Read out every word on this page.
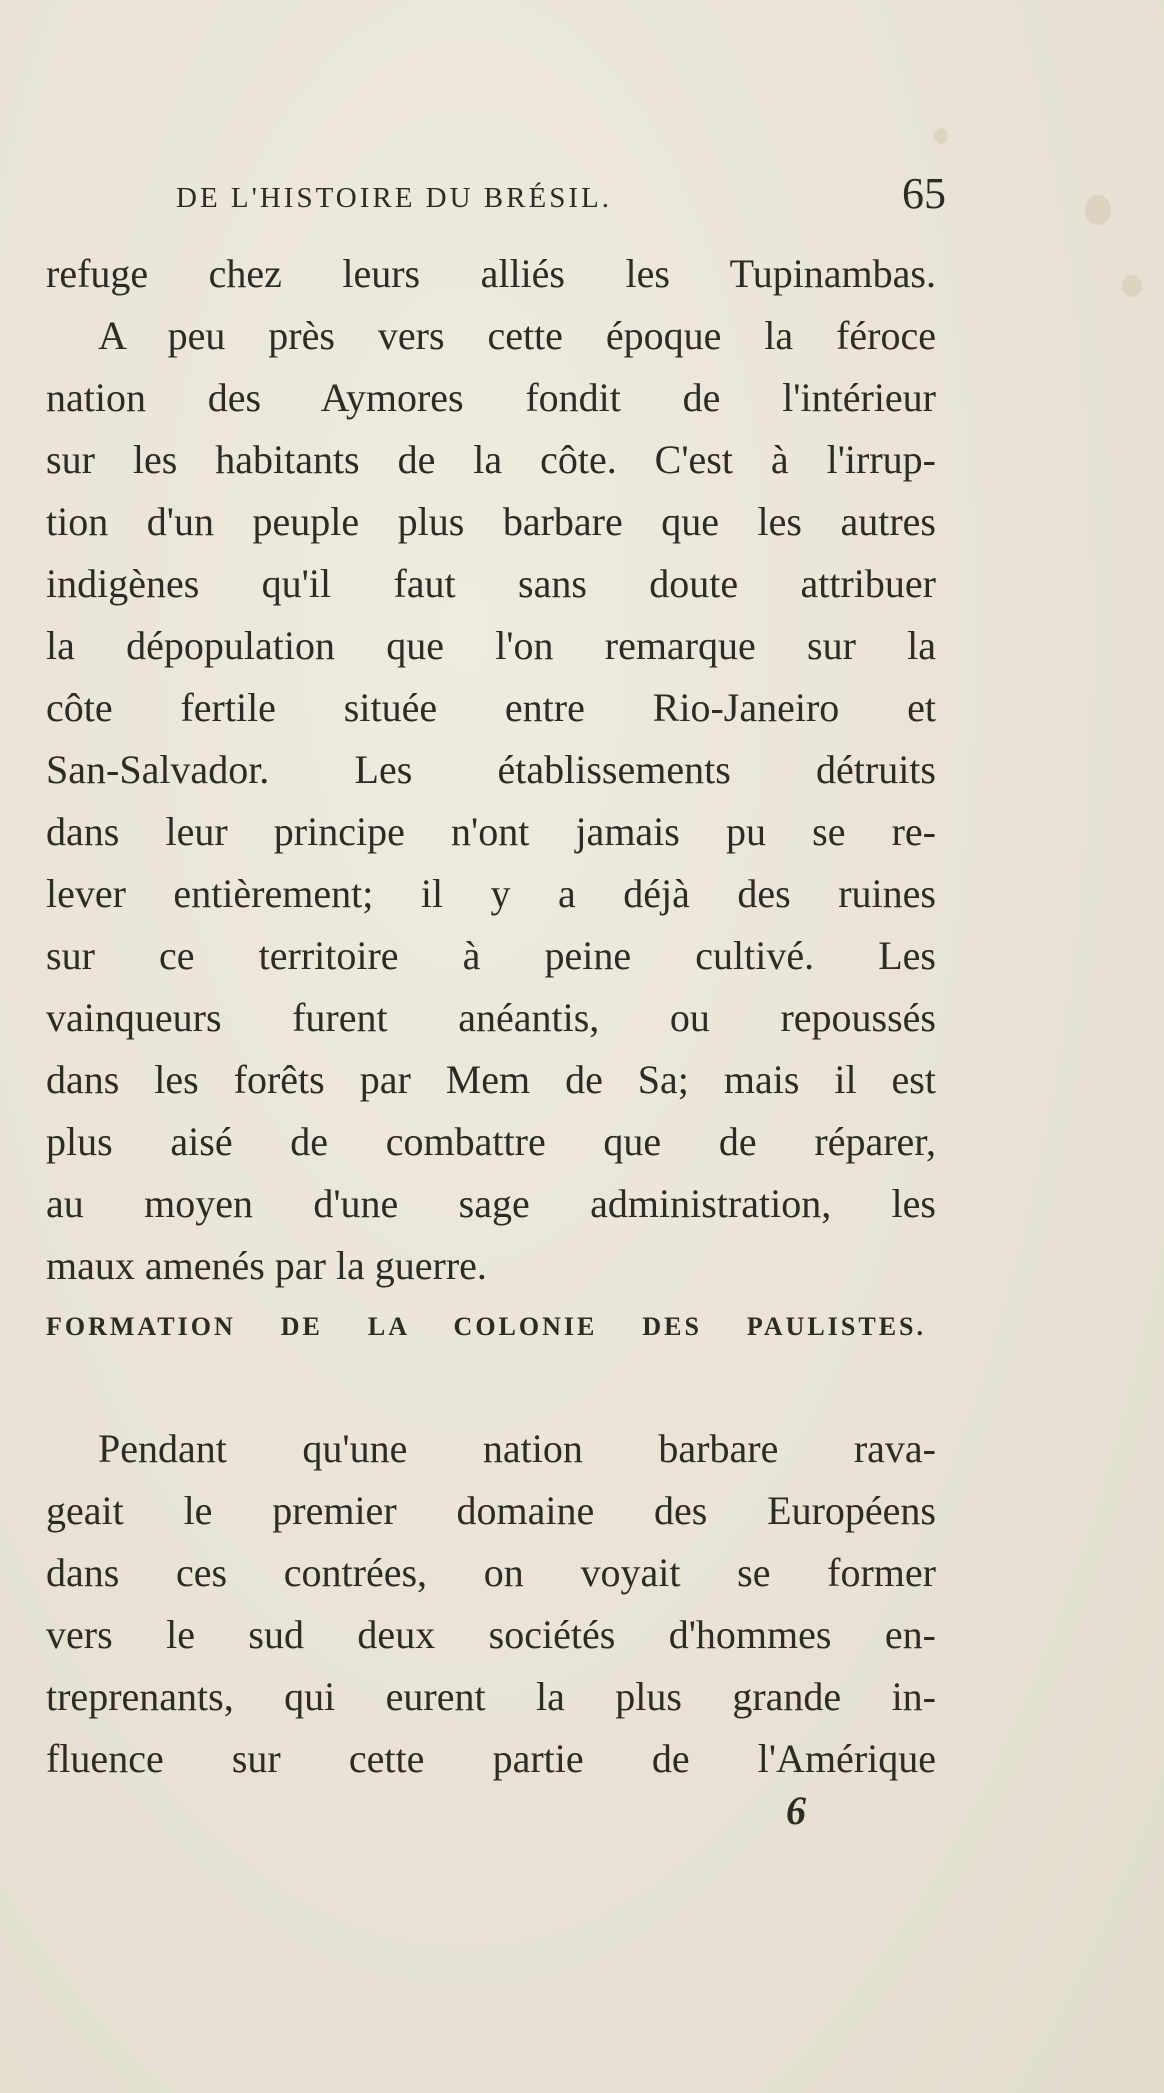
DE L'HISTOIRE DU BRÉSIL.	65
refuge chez leurs alliés les Tupinambas.
A peu près vers cette époque la féroce
nation des Aymores fondit de l'intérieur
sur les habitants de la côte. C'est à l'irrup-
tion d'un peuple plus barbare que les autres
indigènes qu'il faut sans doute attribuer
la dépopulation que l'on remarque sur la
côte fertile située entre Rio-Janeiro et
San-Salvador. Les établissements détruits
dans leur principe n'ont jamais pu se re-
lever entièrement; il y a déjà des ruines
sur ce territoire à peine cultivé. Les
vainqueurs furent anéantis, ou repoussés
dans les forêts par Mem de Sa; mais il est
plus aisé de combattre que de réparer,
au moyen d'une sage administration, les
maux amenés par la guerre.
FORMATION DE LA COLONIE DES PAULISTES.
Pendant qu'une nation barbare rava-
geait le premier domaine des Européens
dans ces contrées, on voyait se former
vers le sud deux sociétés d'hommes en-
treprenants, qui eurent la plus grande in-
fluence sur cette partie de l'Amérique
6
